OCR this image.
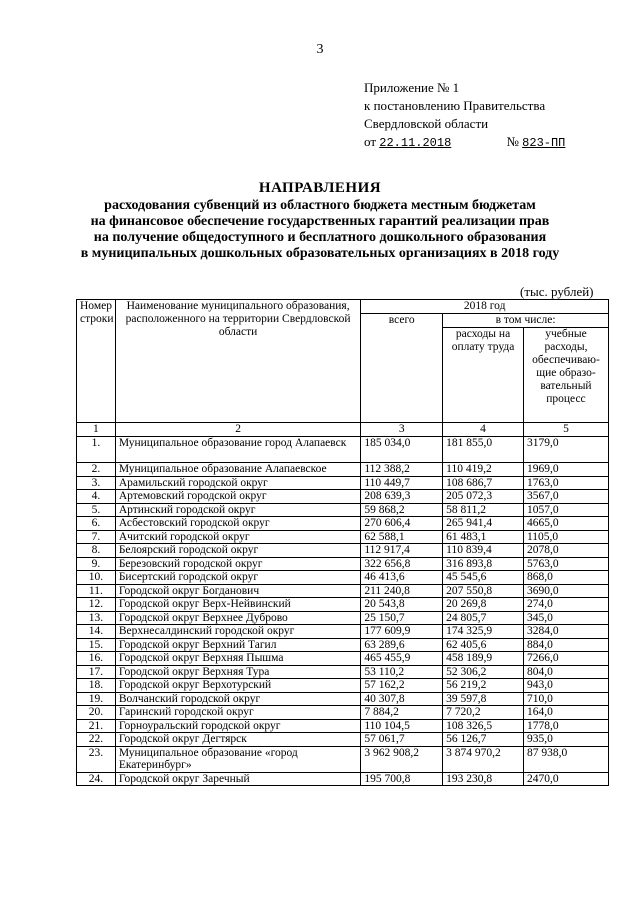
3
Приложение № 1
к постановлению Правительства
Свердловской области
от 22.11.2018	№ 823-ПП
НАПРАВЛЕНИЯ
расходования субвенций из областного бюджета местным бюджетам
на финансовое обеспечение государственных гарантий реализации прав
на получение общедоступного и бесплатного дошкольного образования
в муниципальных дошкольных образовательных организациях в 2018 году
(тыс. рублей)
Номер строки	Наименование муниципального образования, расположенного на территории Свердловской области	2018 год		
		всего	в том числе:	
			расходы на оплату труда	учебные расходы, обеспечиваю-щие образо-вательный процесс
1	2	3	4	5
1.	Муниципальное образование город Алапаевск	185 034,0	181 855,0	3179,0
2.	Муниципальное образование Алапаевское	112 388,2	110 419,2	1969,0
3.	Арамильский городской округ	110 449,7	108 686,7	1763,0
4.	Артемовский городской округ	208 639,3	205 072,3	3567,0
5.	Артинский городской округ	59 868,2	58 811,2	1057,0
6.	Асбестовский городской округ	270 606,4	265 941,4	4665,0
7.	Ачитский городской округ	62 588,1	61 483,1	1105,0
8.	Белоярский городской округ	112 917,4	110 839,4	2078,0
9.	Березовский городской округ	322 656,8	316 893,8	5763,0
10.	Бисертский городской округ	46 413,6	45 545,6	868,0
11.	Городской округ Богданович	211 240,8	207 550,8	3690,0
12.	Городской округ Верх-Нейвинский	20 543,8	20 269,8	274,0
13.	Городской округ Верхнее Дуброво	25 150,7	24 805,7	345,0
14.	Верхнесалдинский городской округ	177 609,9	174 325,9	3284,0
15.	Городской округ Верхний Тагил	63 289,6	62 405,6	884,0
16.	Городской округ Верхняя Пышма	465 455,9	458 189,9	7266,0
17.	Городской округ Верхняя Тура	53 110,2	52 306,2	804,0
18.	Городской округ Верхотурский	57 162,2	56 219,2	943,0
19.	Волчанский городской округ	40 307,8	39 597,8	710,0
20.	Гаринский городской округ	7 884,2	7 720,2	164,0
21.	Горноуральский городской округ	110 104,5	108 326,5	1778,0
22.	Городской округ Дегтярск	57 061,7	56 126,7	935,0
23.	Муниципальное образование «город Екатеринбург»	3 962 908,2	3 874 970,2	87 938,0
24.	Городской округ Заречный	195 700,8	193 230,8	2470,0
